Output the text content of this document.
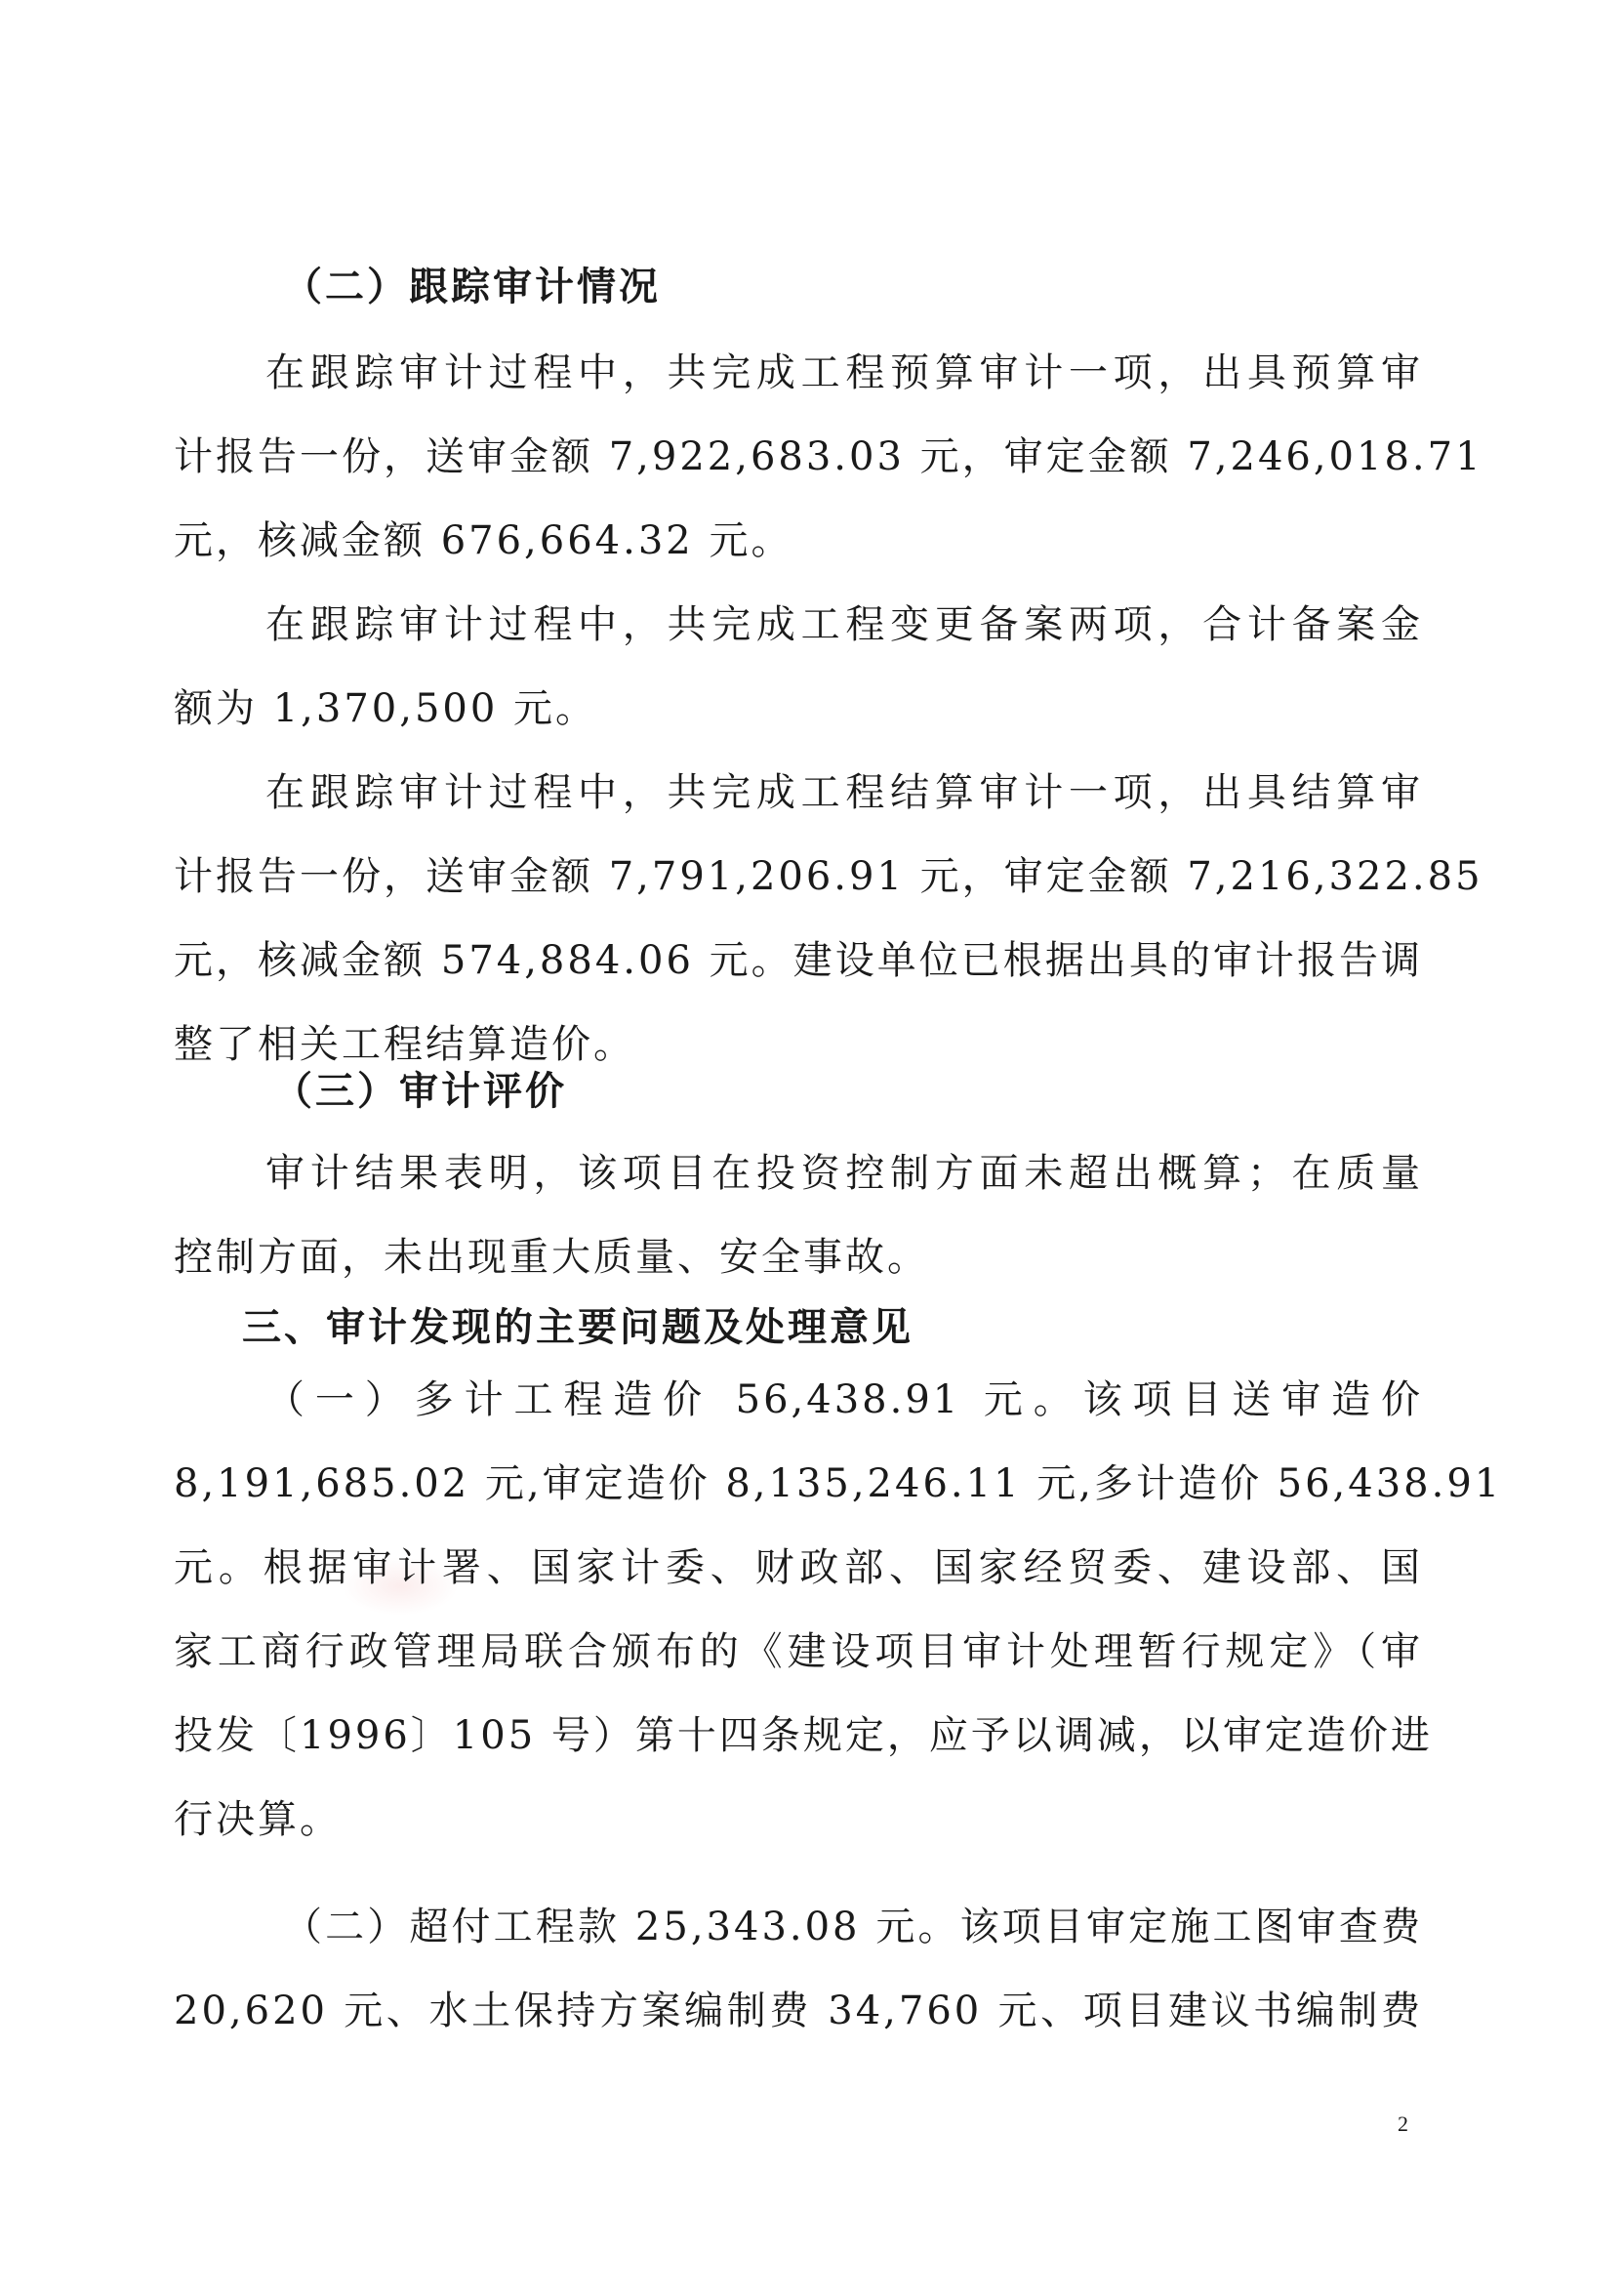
（二）跟踪审计情况
在跟踪审计过程中，共完成工程预算审计一项，出具预算审
计报告一份，送审金额 7,922,683.03 元，审定金额 7,246,018.71
元，核减金额 676,664.32 元。
在跟踪审计过程中，共完成工程变更备案两项，合计备案金
额为 1,370,500 元。
在跟踪审计过程中，共完成工程结算审计一项，出具结算审
计报告一份，送审金额 7,791,206.91 元，审定金额 7,216,322.85
元，核减金额 574,884.06 元。建设单位已根据出具的审计报告调
整了相关工程结算造价。
（三）审计评价
审计结果表明，该项目在投资控制方面未超出概算；在质量
控制方面，未出现重大质量、安全事故。
三、审计发现的主要问题及处理意见
（一）多计工程造价 56,438.91 元。该项目送审造价
8,191,685.02 元,审定造价 8,135,246.11 元,多计造价 56,438.91
元。根据审计署、国家计委、财政部、国家经贸委、建设部、国
家工商行政管理局联合颁布的《建设项目审计处理暂行规定》（审
投发〔1996〕105 号）第十四条规定，应予以调减，以审定造价进
行决算。
（二）超付工程款 25,343.08 元。该项目审定施工图审查费
20,620 元、水土保持方案编制费 34,760 元、项目建议书编制费
2
